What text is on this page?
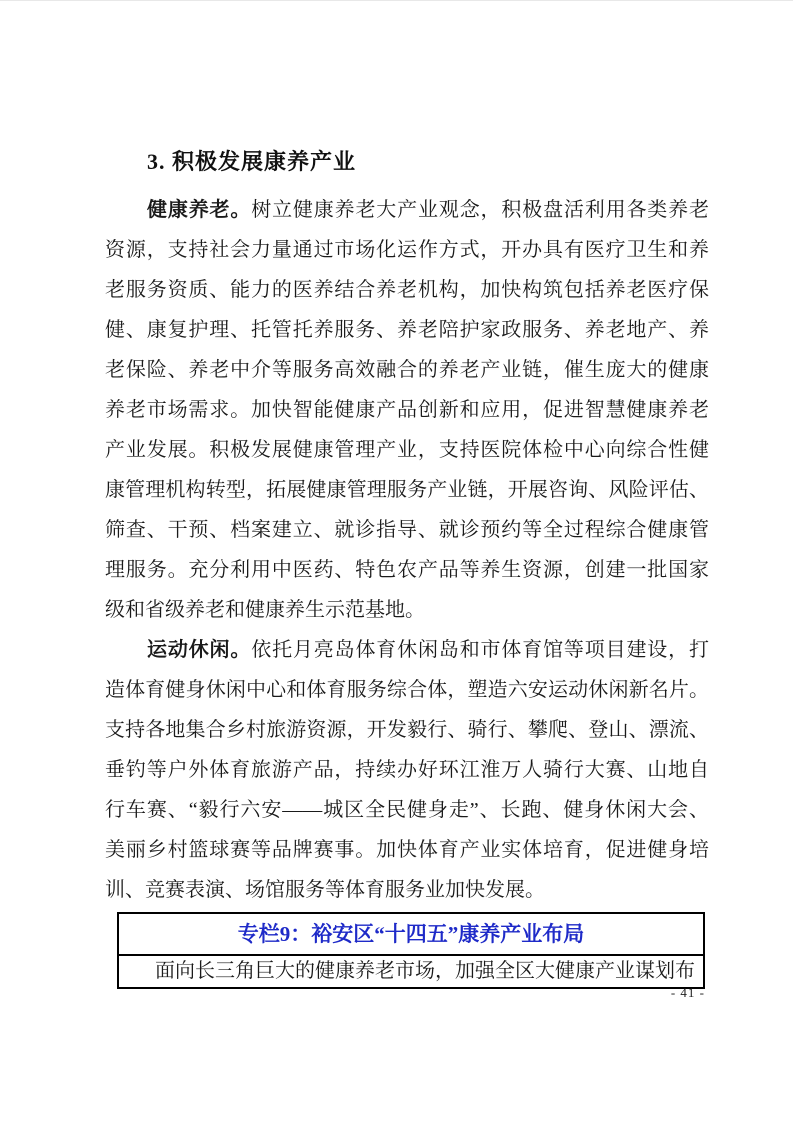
3. 积极发展康养产业
健康养老。树立健康养老大产业观念，积极盘活利用各类养老
资源，支持社会力量通过市场化运作方式，开办具有医疗卫生和养
老服务资质、能力的医养结合养老机构，加快构筑包括养老医疗保
健、康复护理、托管托养服务、养老陪护家政服务、养老地产、养
老保险、养老中介等服务高效融合的养老产业链，催生庞大的健康
养老市场需求。加快智能健康产品创新和应用，促进智慧健康养老
产业发展。积极发展健康管理产业，支持医院体检中心向综合性健
康管理机构转型，拓展健康管理服务产业链，开展咨询、风险评估、
筛查、干预、档案建立、就诊指导、就诊预约等全过程综合健康管
理服务。充分利用中医药、特色农产品等养生资源，创建一批国家
级和省级养老和健康养生示范基地。
运动休闲。依托月亮岛体育休闲岛和市体育馆等项目建设，打
造体育健身休闲中心和体育服务综合体，塑造六安运动休闲新名片。
支持各地集合乡村旅游资源，开发毅行、骑行、攀爬、登山、漂流、
垂钓等户外体育旅游产品，持续办好环江淮万人骑行大赛、山地自
行车赛、“毅行六安——城区全民健身走”、长跑、健身休闲大会、
美丽乡村篮球赛等品牌赛事。加快体育产业实体培育，促进健身培
训、竞赛表演、场馆服务等体育服务业加快发展。
专栏9：裕安区“十四五”康养产业布局
面向长三角巨大的健康养老市场，加强全区大健康产业谋划布
- 41 -
